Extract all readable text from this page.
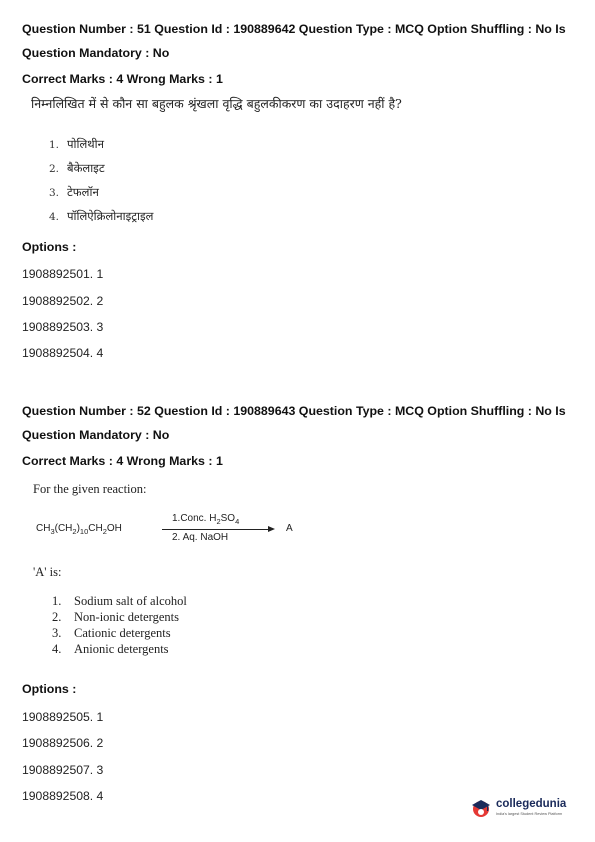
Question Number : 51 Question Id : 190889642 Question Type : MCQ Option Shuffling : No Is
Question Mandatory : No
Correct Marks : 4 Wrong Marks : 1
निम्नलिखित में से कौन सा बहुलक श्रृंखला वृद्धि बहुलकीकरण का उदाहरण नहीं है?
1. पोलिथीन
2. बैकेलाइट
3. टेफलॉन
4. पॉलिऐक्रिलोनाइट्राइल
Options :
1908892501. 1
1908892502. 2
1908892503. 3
1908892504. 4
Question Number : 52 Question Id : 190889643 Question Type : MCQ Option Shuffling : No Is
Question Mandatory : No
Correct Marks : 4 Wrong Marks : 1
For the given reaction:
$CH_3(CH_2)_{10}CH_2OH$
1.Conc. $H_2SO_4$
2. Aq. NaOH
A
'A' is:
1. Sodium salt of alcohol
2. Non-ionic detergents
3. Cationic detergents
4. Anionic detergents
Options :
1908892505. 1
1908892506. 2
1908892507. 3
1908892508. 4
collegedunia
India's largest Student Review Platform
